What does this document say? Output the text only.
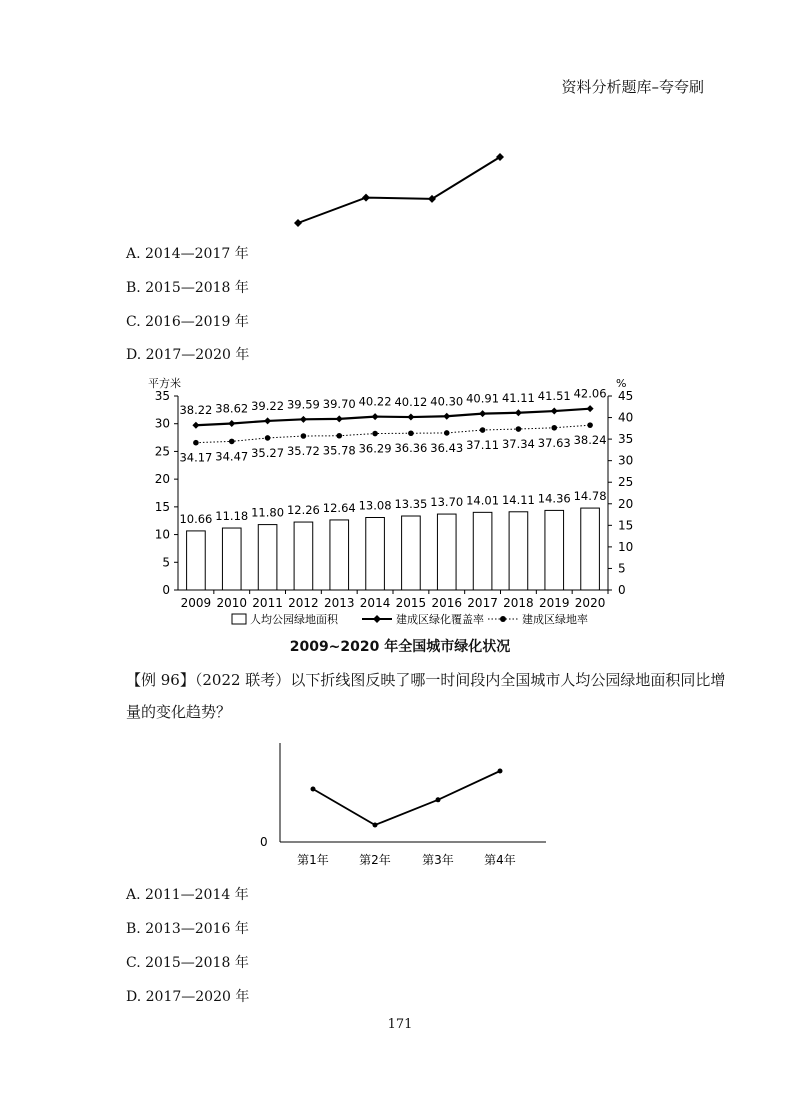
资料分析题库–夸夸刷
A. 2014—2017 年
B. 2015—2018 年
C. 2016—2019 年
D. 2017—2020 年
平方米	%
0
5
10
15
20
25
30
35
0
5
10
15
20
25
30
35
40
45
2009 2010 2011 2012 2013 2014 2015 2016 2017 2018 2019 2020
10.66 11.18 11.80 12.26 12.64 13.08 13.35 13.70 14.01 14.11 14.36 14.78
38.22 38.62 39.22 39.59 39.70 40.22 40.12 40.30 40.91 41.11 41.51 42.06
34.17 34.47 35.27 35.72 35.78 36.29 36.36 36.43 37.11 37.34 37.63 38.24
人均公园绿地面积	建成区绿化覆盖率	建成区绿地率
2009~2020 年全国城市绿化状况
【例 96】（2022 联考）以下折线图反映了哪一时间段内全国城市人均公园绿地面积同比增
量的变化趋势？
0
第1年	第2年	第3年	第4年
A. 2011—2014 年
B. 2013—2016 年
C. 2015—2018 年
D. 2017—2020 年
171
